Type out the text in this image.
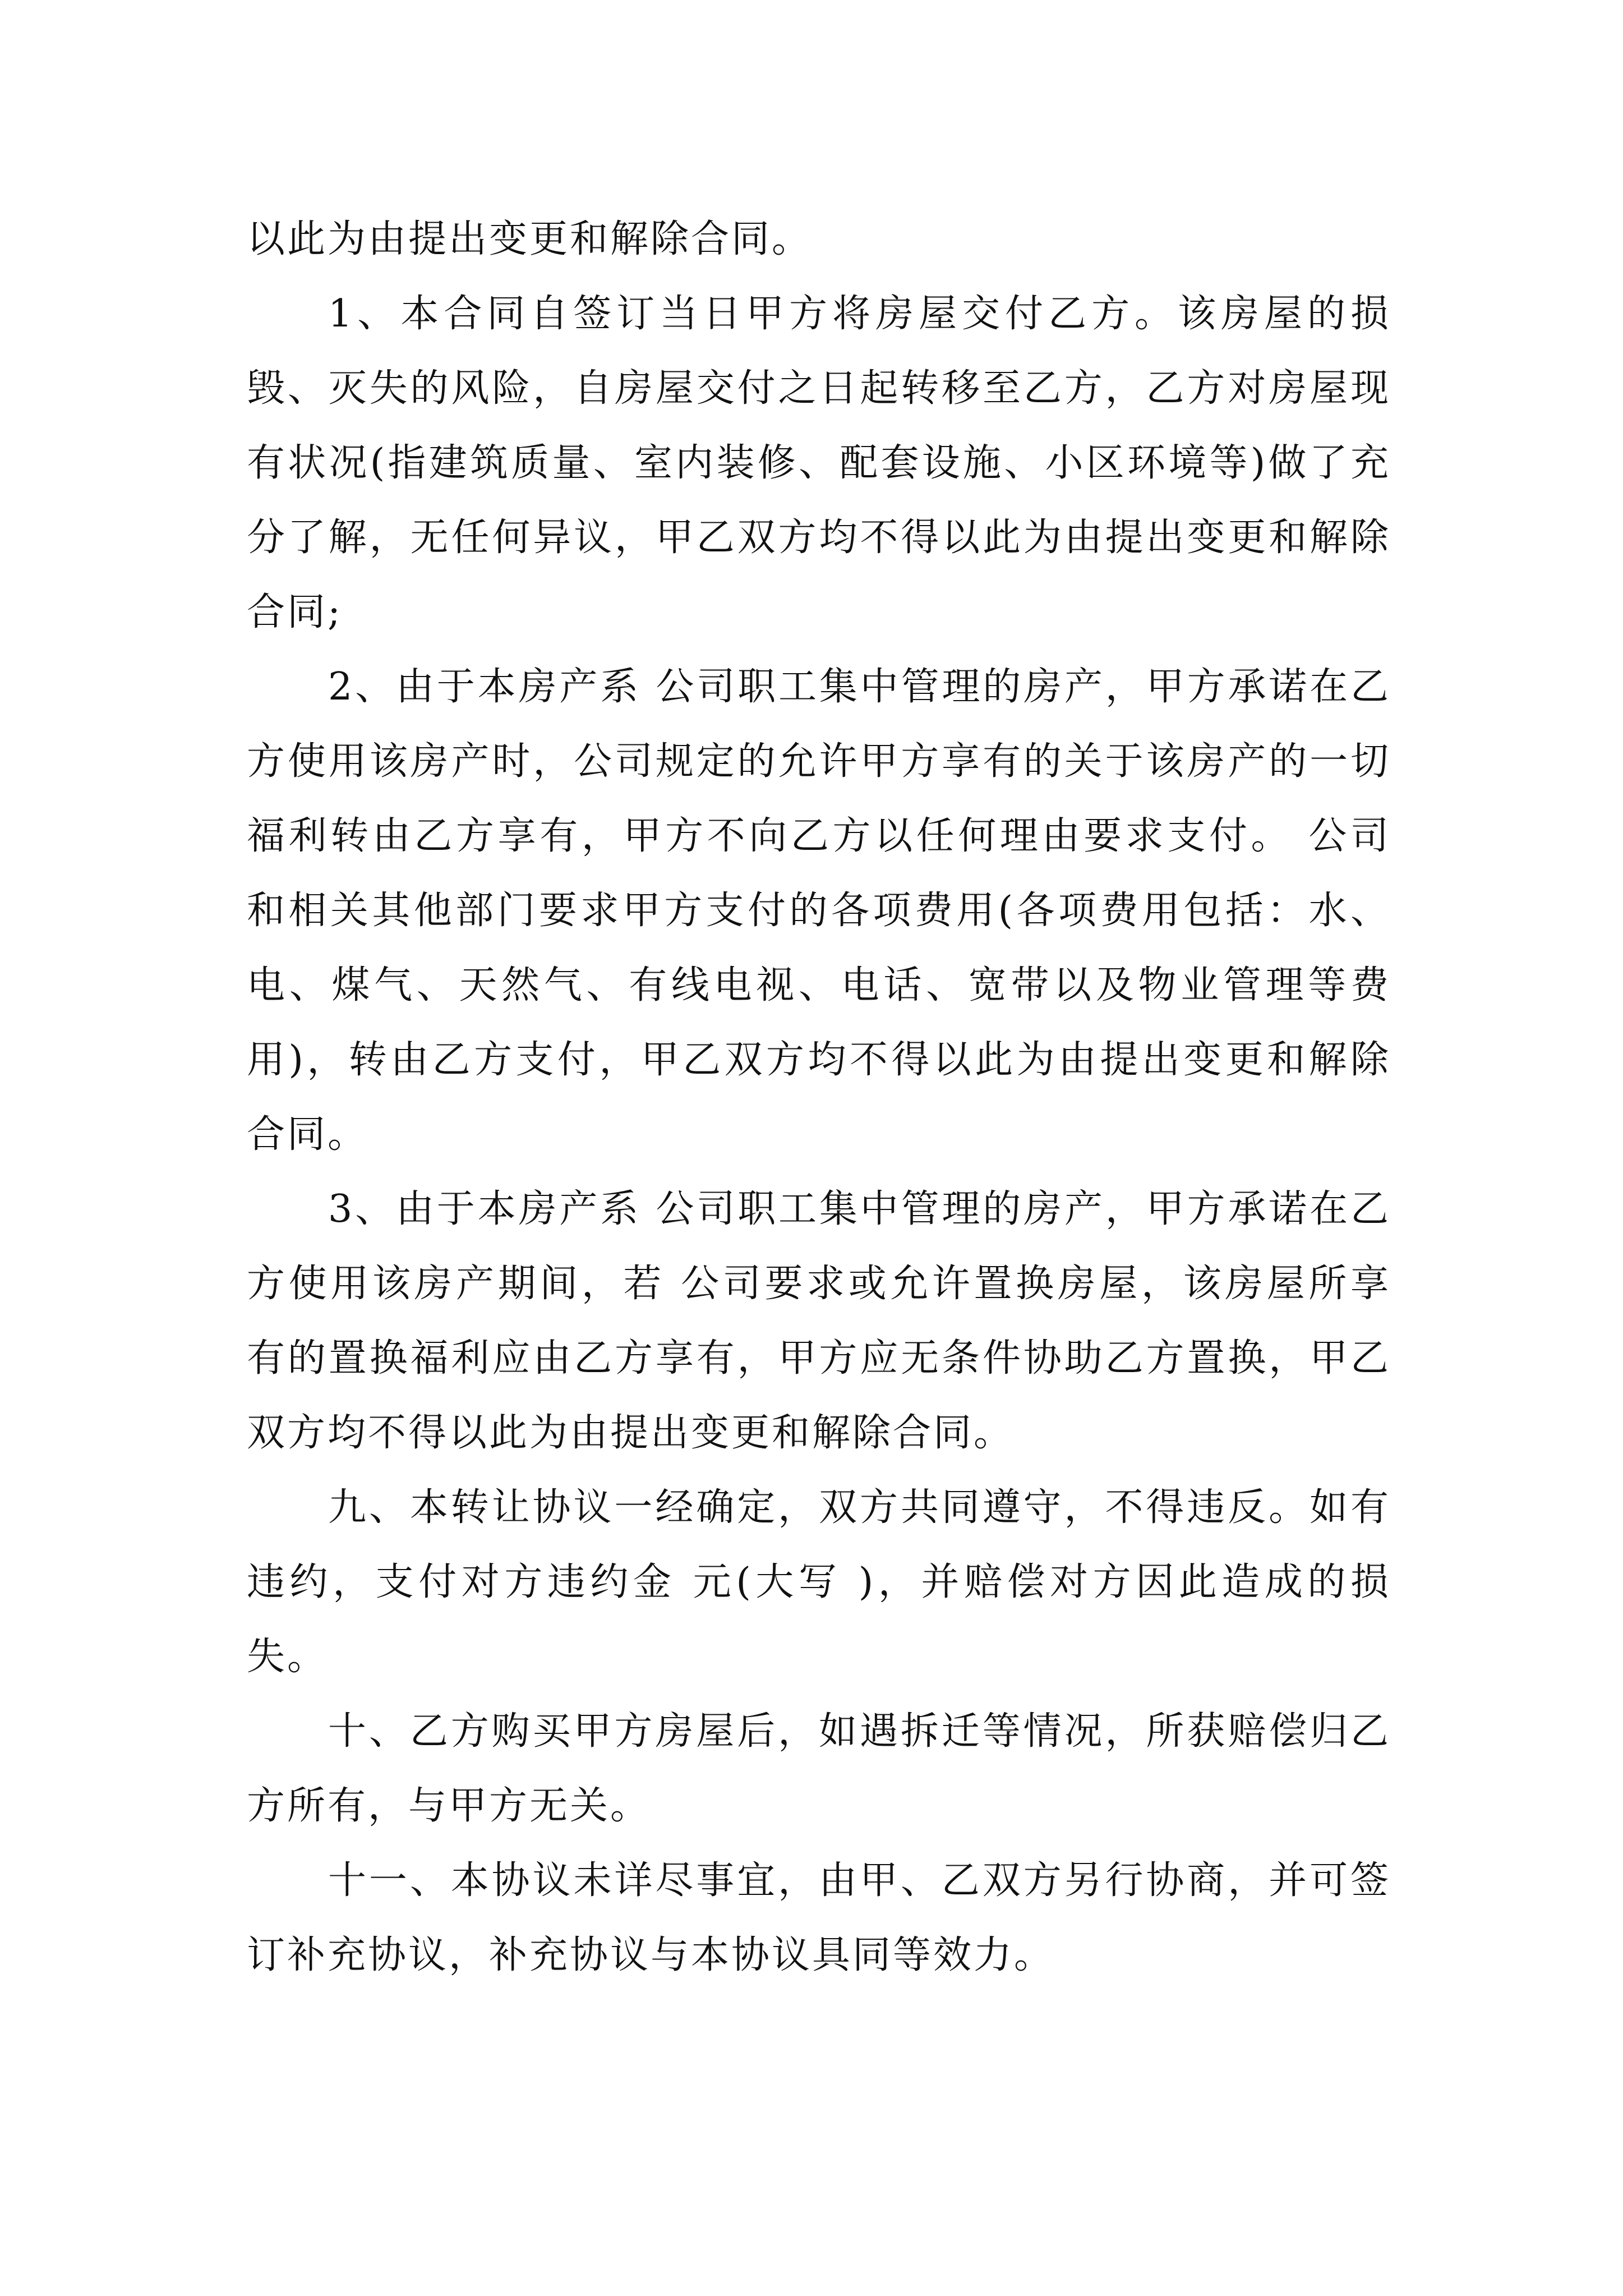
以此为由提出变更和解除合同。

1、本合同自签订当日甲方将房屋交付乙方。该房屋的损毁、灭失的风险，自房屋交付之日起转移至乙方，乙方对房屋现有状况(指建筑质量、室内装修、配套设施、小区环境等)做了充分了解，无任何异议，甲乙双方均不得以此为由提出变更和解除合同;

2、由于本房产系 公司职工集中管理的房产，甲方承诺在乙方使用该房产时，公司规定的允许甲方享有的关于该房产的一切福利转由乙方享有，甲方不向乙方以任何理由要求支付。 公司和相关其他部门要求甲方支付的各项费用(各项费用包括：水、电、煤气、天然气、有线电视、电话、宽带以及物业管理等费用)，转由乙方支付，甲乙双方均不得以此为由提出变更和解除合同。

3、由于本房产系 公司职工集中管理的房产，甲方承诺在乙方使用该房产期间，若 公司要求或允许置换房屋，该房屋所享有的置换福利应由乙方享有，甲方应无条件协助乙方置换，甲乙双方均不得以此为由提出变更和解除合同。

九、本转让协议一经确定，双方共同遵守，不得违反。如有违约，支付对方违约金 元(大写 )，并赔偿对方因此造成的损失。

十、乙方购买甲方房屋后，如遇拆迁等情况，所获赔偿归乙方所有，与甲方无关。

十一、本协议未详尽事宜，由甲、乙双方另行协商，并可签订补充协议，补充协议与本协议具同等效力。
